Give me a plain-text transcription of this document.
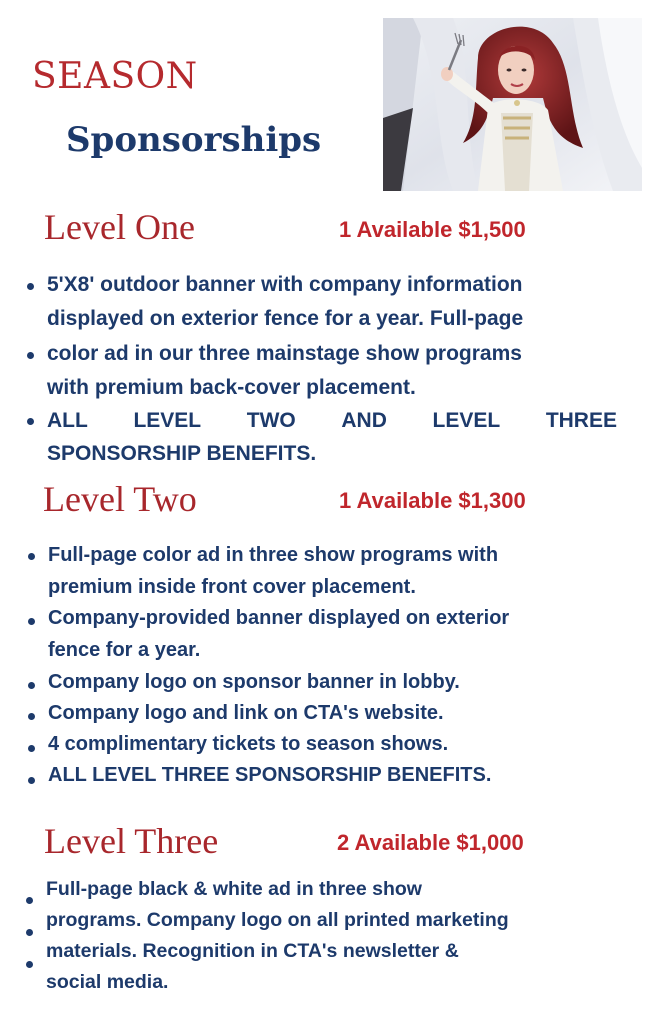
SEASON
Sponsorships
Level One	1 Available $1,500
5'X8' outdoor banner with company information
displayed on exterior fence for a year. Full-page
color ad in our three mainstage show programs
with premium back-cover placement.
ALL LEVEL TWO AND LEVEL THREE
SPONSORSHIP BENEFITS.
Level Two	1 Available $1,300
Full-page color ad in three show programs with
premium inside front cover placement.
Company-provided banner displayed on exterior
fence for a year.
Company logo on sponsor banner in lobby.
Company logo and link on CTA's website.
4 complimentary tickets to season shows.
ALL LEVEL THREE SPONSORSHIP BENEFITS.
Level Three	2 Available $1,000
Full-page black & white ad in three show
programs. Company logo on all printed marketing
materials. Recognition in CTA's newsletter &
social media.
